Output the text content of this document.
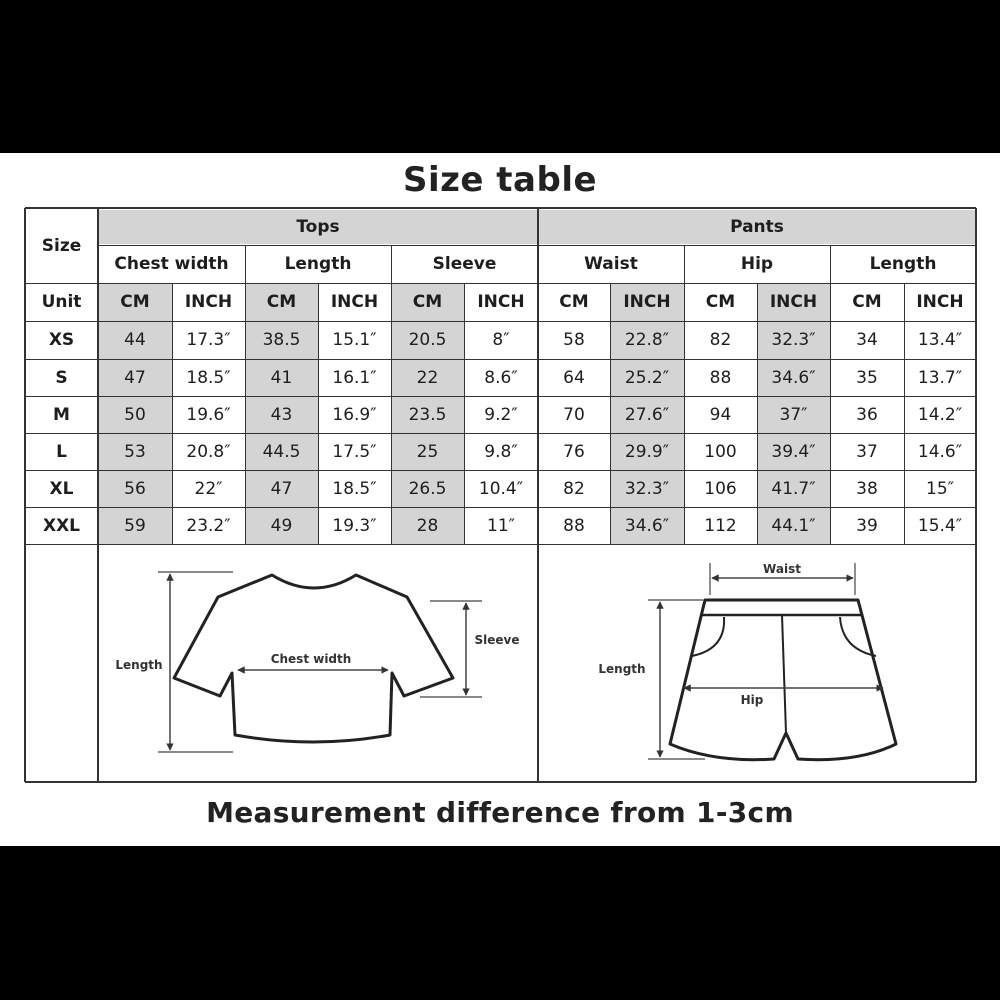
Size table
Size
Tops
Chest width	Length	Sleeve
Pants
Waist	Hip	Length
Unit	CM	INCH	CM	INCH	CM	INCH	CM	INCH	CM	INCH	CM	INCH
XS	44	17.3″	38.5	15.1″	20.5	8″	58	22.8″	82	32.3″	34	13.4″
S	47	18.5″	41	16.1″	22	8.6″	64	25.2″	88	34.6″	35	13.7″
M	50	19.6″	43	16.9″	23.5	9.2″	70	27.6″	94	37″	36	14.2″
L	53	20.8″	44.5	17.5″	25	9.8″	76	29.9″	100	39.4″	37	14.6″
XL	56	22″	47	18.5″	26.5	10.4″	82	32.3″	106	41.7″	38	15″
XXL	59	23.2″	49	19.3″	28	11″	88	34.6″	112	44.1″	39	15.4″
Length	Chest width
Sleeve
Waist
Length
Hip
Measurement difference from 1-3cm
